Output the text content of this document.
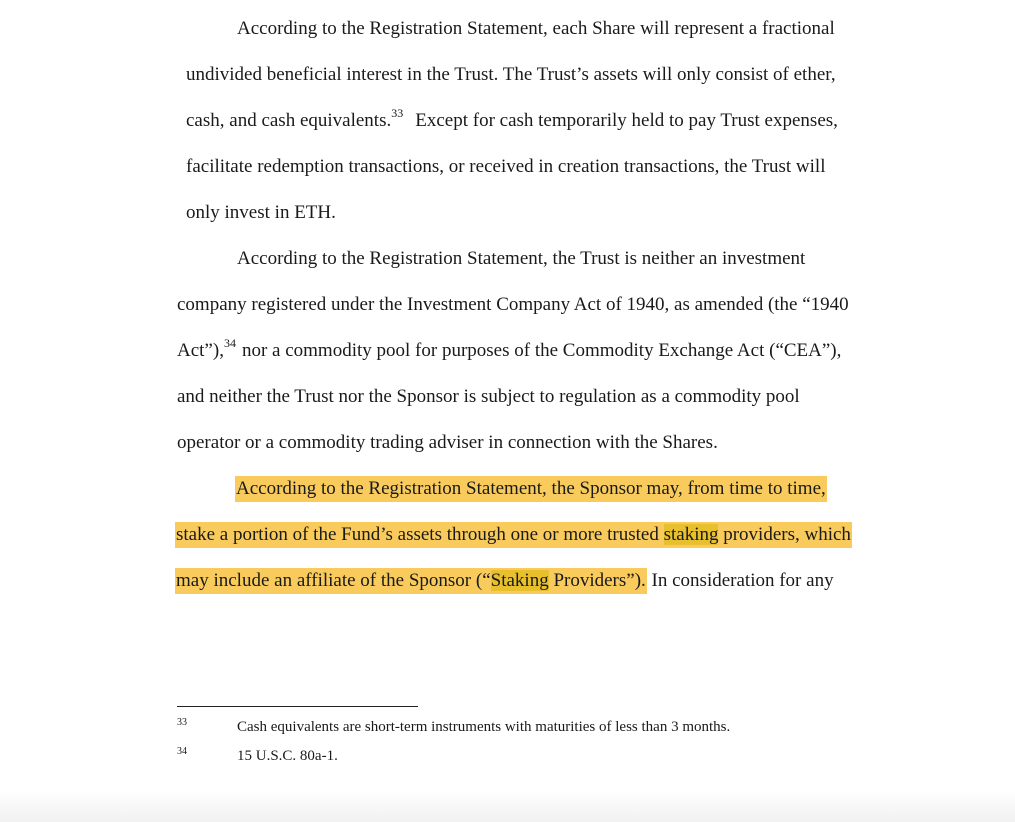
According to the Registration Statement, each Share will represent a fractional
undivided beneficial interest in the Trust. The Trust’s assets will only consist of ether,
cash, and cash equivalents.$^{33}$ Except for cash temporarily held to pay Trust expenses,
facilitate redemption transactions, or received in creation transactions, the Trust will
only invest in ETH.
According to the Registration Statement, the Trust is neither an investment
company registered under the Investment Company Act of 1940, as amended (the “1940
Act”),$^{34}$ nor a commodity pool for purposes of the Commodity Exchange Act (“CEA”),
and neither the Trust nor the Sponsor is subject to regulation as a commodity pool
operator or a commodity trading adviser in connection with the Shares.
According to the Registration Statement, the Sponsor may, from time to time,
stake a portion of the Fund’s assets through one or more trusted staking providers, which
may include an affiliate of the Sponsor (“Staking Providers”). In consideration for any
33	Cash equivalents are short-term instruments with maturities of less than 3 months.
34	15 U.S.C. 80a-1.
